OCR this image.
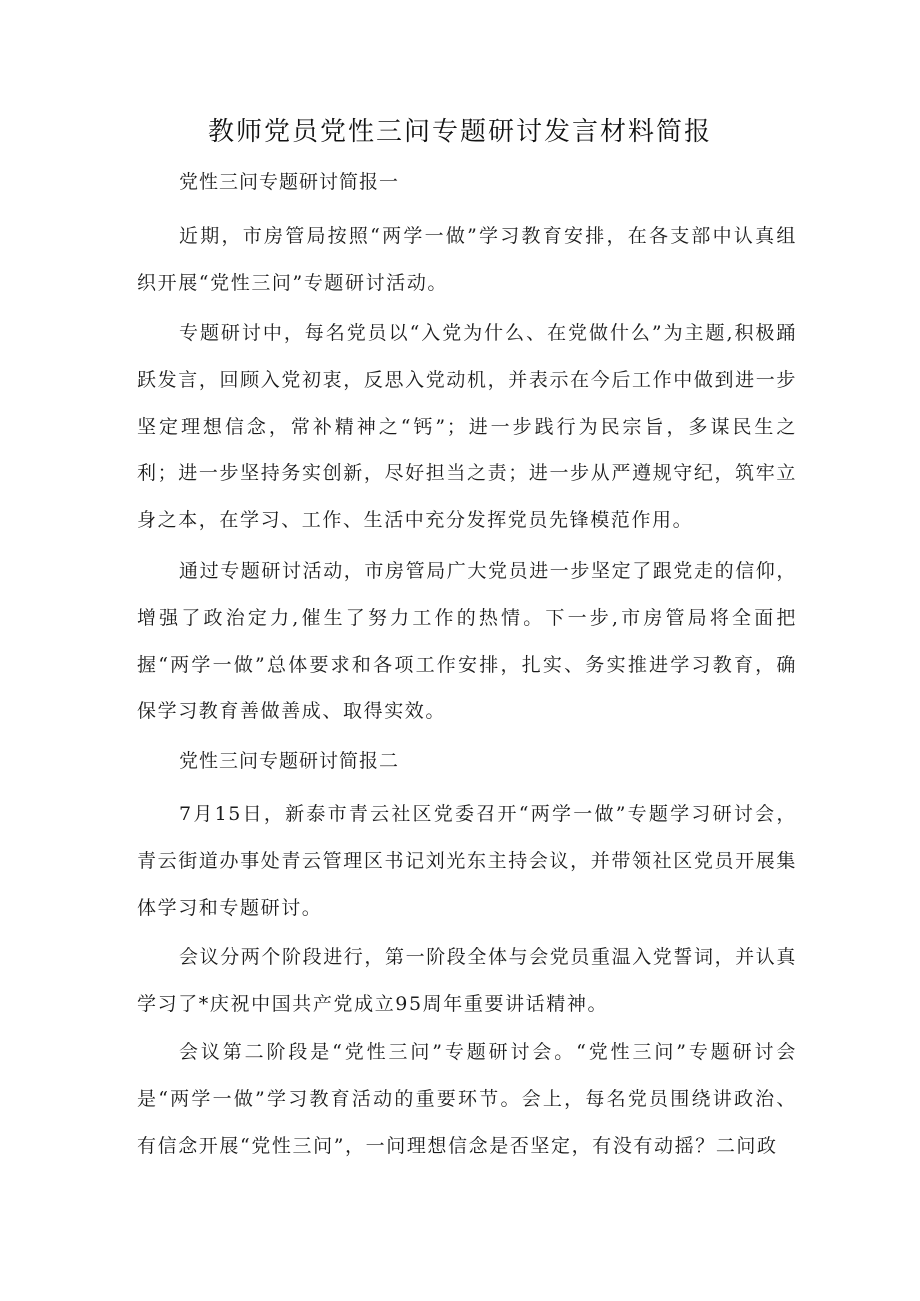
教师党员党性三问专题研讨发言材料简报
党性三问专题研讨简报一
近期，市房管局按照“两学一做”学习教育安排，在各支部中认真组织开展“党性三问”专题研讨活动。
专题研讨中，每名党员以“入党为什么、在党做什么”为主题,积极踊跃发言，回顾入党初衷，反思入党动机，并表示在今后工作中做到进一步坚定理想信念，常补精神之“钙”；进一步践行为民宗旨，多谋民生之利；进一步坚持务实创新，尽好担当之责；进一步从严遵规守纪，筑牢立身之本，在学习、工作、生活中充分发挥党员先锋模范作用。
通过专题研讨活动，市房管局广大党员进一步坚定了跟党走的信仰，增强了政治定力,催生了努力工作的热情。下一步,市房管局将全面把握“两学一做”总体要求和各项工作安排，扎实、务实推进学习教育，确保学习教育善做善成、取得实效。
党性三问专题研讨简报二
7月15日，新泰市青云社区党委召开“两学一做”专题学习研讨会，青云街道办事处青云管理区书记刘光东主持会议，并带领社区党员开展集体学习和专题研讨。
会议分两个阶段进行，第一阶段全体与会党员重温入党誓词，并认真学习了*庆祝中国共产党成立95周年重要讲话精神。
会议第二阶段是“党性三问”专题研讨会。“党性三问”专题研讨会是“两学一做”学习教育活动的重要环节。会上，每名党员围绕讲政治、有信念开展“党性三问”，一问理想信念是否坚定，有没有动摇？二问政
